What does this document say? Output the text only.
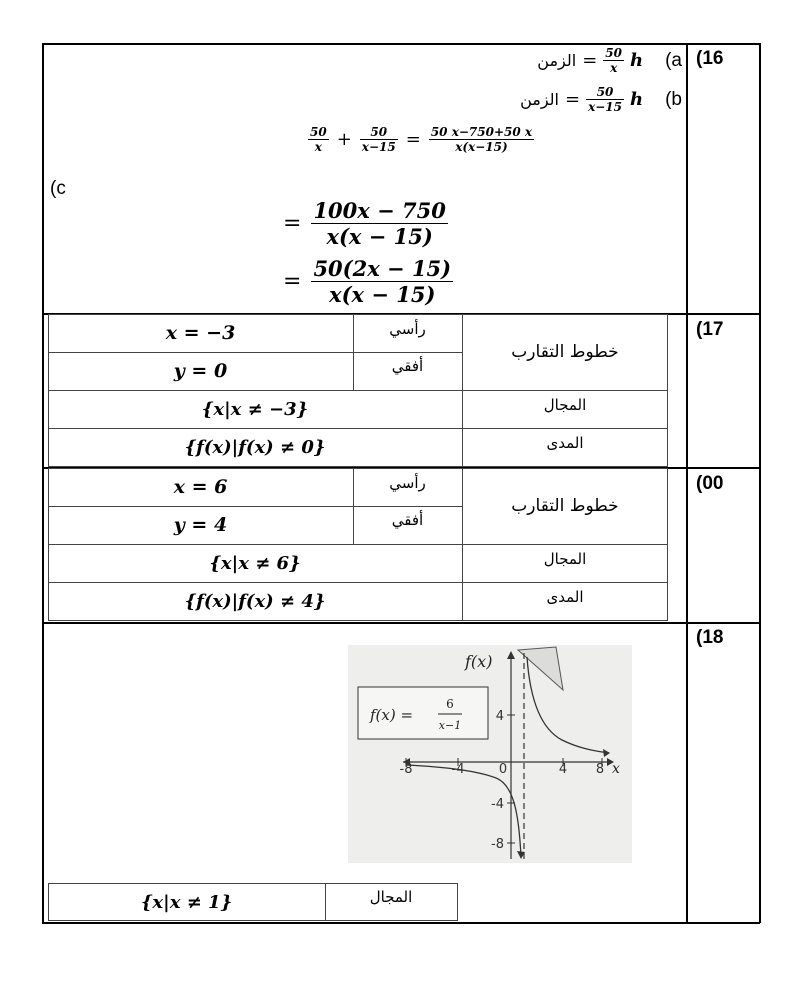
(16
الزمن = $\frac{50}{x}$ h (a
الزمن = $\frac{50}{x-15}$ h (b
$\frac{50}{x} + \frac{50}{x-15} = \frac{50 x-750+50 x}{x(x-15)}$
(c
= $\frac{100x - 750}{x(x - 15)}$
= $\frac{50(2x - 15)}{x(x - 15)}$
(17
x = −3	رأسي
y = 0	أفقي
خطوط التقارب
{x|x ≠ −3}	المجال
{f(x)|f(x) ≠ 0}	المدى
(00
x = 6	رأسي
y = 4	أفقي
خطوط التقارب
{x|x ≠ 6}	المجال
{f(x)|f(x) ≠ 4}	المدى
(18
f(x) =
6
x−1
f(x)
x
-8	-4	0	4 8
4
-4
-8
{x|x ≠ 1}	المجال
